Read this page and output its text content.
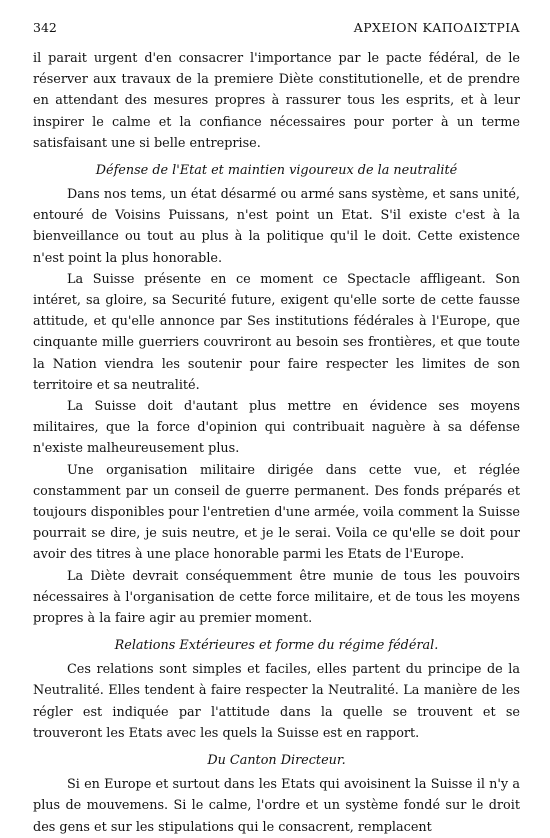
342	ΑΡΧΕΙΟΝ ΚΑΠΟΔΙΣΤΡΙΑ

il parait urgent d'en consacrer l'importance par le pacte fédéral, de le réserver aux travaux de la premiere Diète constitutionelle, et de prendre en attendant des mesures propres à rassurer tous les esprits, et à leur inspirer le calme et la confiance nécessaires pour porter à un terme satisfaisant une si belle entreprise.

Défense de l'Etat et maintien vigoureux de la neutralité

Dans nos tems, un état désarmé ou armé sans système, et sans unité, entouré de Voisins Puissans, n'est point un Etat. S'il existe c'est à la bienveillance ou tout au plus à la politique qu'il le doit. Cette existence n'est point la plus honorable.

La Suisse présente en ce moment ce Spectacle affligeant. Son intéret, sa gloire, sa Securité future, exigent qu'elle sorte de cette fausse attitude, et qu'elle annonce par Ses institutions fédérales à l'Europe, que cinquante mille guerriers couvriront au besoin ses frontières, et que toute la Nation viendra les soutenir pour faire respecter les limites de son territoire et sa neutralité.

La Suisse doit d'autant plus mettre en évidence ses moyens militaires, que la force d'opinion qui contribuait naguère à sa défense n'existe malheureusement plus.

Une organisation militaire dirigée dans cette vue, et réglée constamment par un conseil de guerre permanent. Des fonds préparés et toujours disponibles pour l'entretien d'une armée, voila comment la Suisse pourrait se dire, je suis neutre, et je le serai. Voila ce qu'elle se doit pour avoir des titres à une place honorable parmi les Etats de l'Europe.

La Diète devrait conséquemment être munie de tous les pouvoirs nécessaires à l'organisation de cette force militaire, et de tous les moyens propres à la faire agir au premier moment.

Relations Extérieures et forme du régime fédéral.

Ces relations sont simples et faciles, elles partent du principe de la Neutralité. Elles tendent à faire respecter la Neutralité. La manière de les régler est indiquée par l'attitude dans la quelle se trouvent et se trouveront les Etats avec les quels la Suisse est en rapport.

Du Canton Directeur.

Si en Europe et surtout dans les Etats qui avoisinent la Suisse il n'y a plus de mouvemens. Si le calme, l'ordre et un système fondé sur le droit des gens et sur les stipulations qui le consacrent, remplacent
